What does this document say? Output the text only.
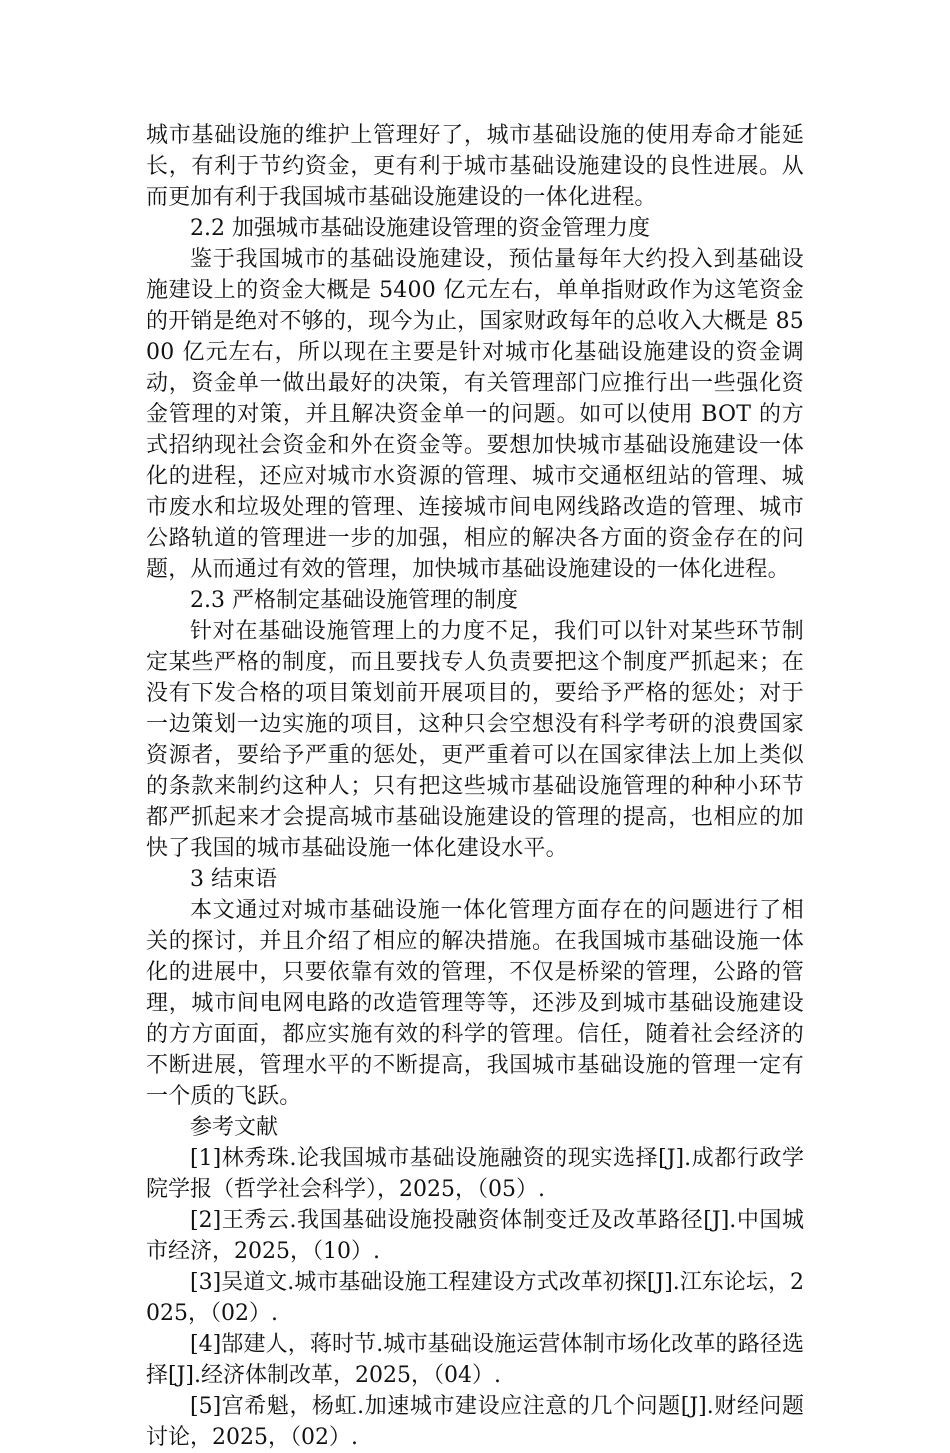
城市基础设施的维护上管理好了，城市基础设施的使用寿命才能延长，有利于节约资金，更有利于城市基础设施建设的良性进展。从而更加有利于我国城市基础设施建设的一体化进程。

2.2 加强城市基础设施建设管理的资金管理力度

鉴于我国城市的基础设施建设，预估量每年大约投入到基础设施建设上的资金大概是 5400 亿元左右，单单指财政作为这笔资金的开销是绝对不够的，现今为止，国家财政每年的总收入大概是 8500 亿元左右，所以现在主要是针对城市化基础设施建设的资金调动，资金单一做出最好的决策，有关管理部门应推行出一些强化资金管理的对策，并且解决资金单一的问题。如可以使用 BOT 的方式招纳现社会资金和外在资金等。要想加快城市基础设施建设一体化的进程，还应对城市水资源的管理、城市交通枢纽站的管理、城市废水和垃圾处理的管理、连接城市间电网线路改造的管理、城市公路轨道的管理进一步的加强，相应的解决各方面的资金存在的问题，从而通过有效的管理，加快城市基础设施建设的一体化进程。

2.3 严格制定基础设施管理的制度

针对在基础设施管理上的力度不足，我们可以针对某些环节制定某些严格的制度，而且要找专人负责要把这个制度严抓起来；在没有下发合格的项目策划前开展项目的，要给予严格的惩处；对于一边策划一边实施的项目，这种只会空想没有科学考研的浪费国家资源者，要给予严重的惩处，更严重着可以在国家律法上加上类似的条款来制约这种人；只有把这些城市基础设施管理的种种小环节都严抓起来才会提高城市基础设施建设的管理的提高，也相应的加快了我国的城市基础设施一体化建设水平。

3 结束语

本文通过对城市基础设施一体化管理方面存在的问题进行了相关的探讨，并且介绍了相应的解决措施。在我国城市基础设施一体化的进展中，只要依靠有效的管理，不仅是桥梁的管理，公路的管理，城市间电网电路的改造管理等等，还涉及到城市基础设施建设的方方面面，都应实施有效的科学的管理。信任，随着社会经济的不断进展，管理水平的不断提高，我国城市基础设施的管理一定有一个质的飞跃。

参考文献

[1]林秀珠.论我国城市基础设施融资的现实选择[J].成都行政学院学报（哲学社会科学），2025，（05）.

[2]王秀云.我国基础设施投融资体制变迁及改革路径[J].中国城市经济，2025，（10）.

[3]吴道文.城市基础设施工程建设方式改革初探[J].江东论坛，2025，（02）.

[4]郜建人，蒋时节.城市基础设施运营体制市场化改革的路径选择[J].经济体制改革，2025，（04）.

[5]宫希魁，杨虹.加速城市建设应注意的几个问题[J].财经问题讨论，2025，（02）.
